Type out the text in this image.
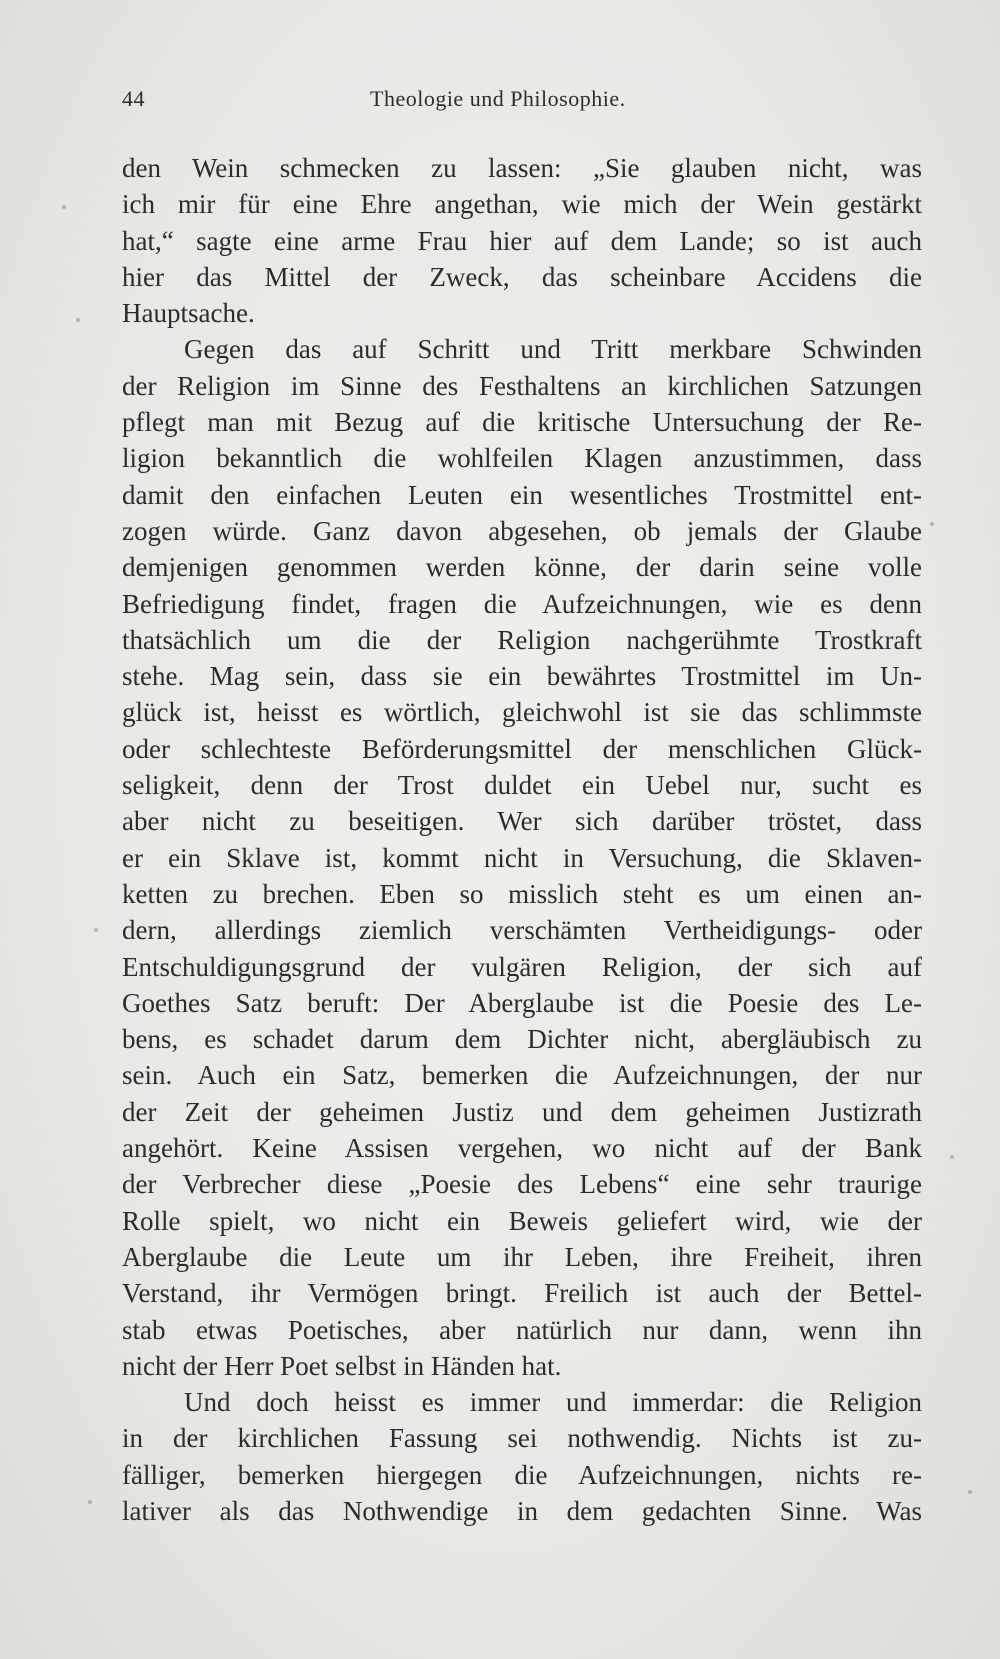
44	Theologie und Philosophie.
den Wein schmecken zu lassen: „Sie glauben nicht, was
ich mir für eine Ehre angethan, wie mich der Wein gestärkt
hat,“ sagte eine arme Frau hier auf dem Lande; so ist auch
hier das Mittel der Zweck, das scheinbare Accidens die
Hauptsache.
Gegen das auf Schritt und Tritt merkbare Schwinden
der Religion im Sinne des Festhaltens an kirchlichen Satzungen
pflegt man mit Bezug auf die kritische Untersuchung der Re-
ligion bekanntlich die wohlfeilen Klagen anzustimmen, dass
damit den einfachen Leuten ein wesentliches Trostmittel ent-
zogen würde. Ganz davon abgesehen, ob jemals der Glaube
demjenigen genommen werden könne, der darin seine volle
Befriedigung findet, fragen die Aufzeichnungen, wie es denn
thatsächlich um die der Religion nachgerühmte Trostkraft
stehe. Mag sein, dass sie ein bewährtes Trostmittel im Un-
glück ist, heisst es wörtlich, gleichwohl ist sie das schlimmste
oder schlechteste Beförderungsmittel der menschlichen Glück-
seligkeit, denn der Trost duldet ein Uebel nur, sucht es
aber nicht zu beseitigen. Wer sich darüber tröstet, dass
er ein Sklave ist, kommt nicht in Versuchung, die Sklaven-
ketten zu brechen. Eben so misslich steht es um einen an-
dern, allerdings ziemlich verschämten Vertheidigungs- oder
Entschuldigungsgrund der vulgären Religion, der sich auf
Goethes Satz beruft: Der Aberglaube ist die Poesie des Le-
bens, es schadet darum dem Dichter nicht, abergläubisch zu
sein. Auch ein Satz, bemerken die Aufzeichnungen, der nur
der Zeit der geheimen Justiz und dem geheimen Justizrath
angehört. Keine Assisen vergehen, wo nicht auf der Bank
der Verbrecher diese „Poesie des Lebens“ eine sehr traurige
Rolle spielt, wo nicht ein Beweis geliefert wird, wie der
Aberglaube die Leute um ihr Leben, ihre Freiheit, ihren
Verstand, ihr Vermögen bringt. Freilich ist auch der Bettel-
stab etwas Poetisches, aber natürlich nur dann, wenn ihn
nicht der Herr Poet selbst in Händen hat.
Und doch heisst es immer und immerdar: die Religion
in der kirchlichen Fassung sei nothwendig. Nichts ist zu-
fälliger, bemerken hiergegen die Aufzeichnungen, nichts re-
lativer als das Nothwendige in dem gedachten Sinne. Was
